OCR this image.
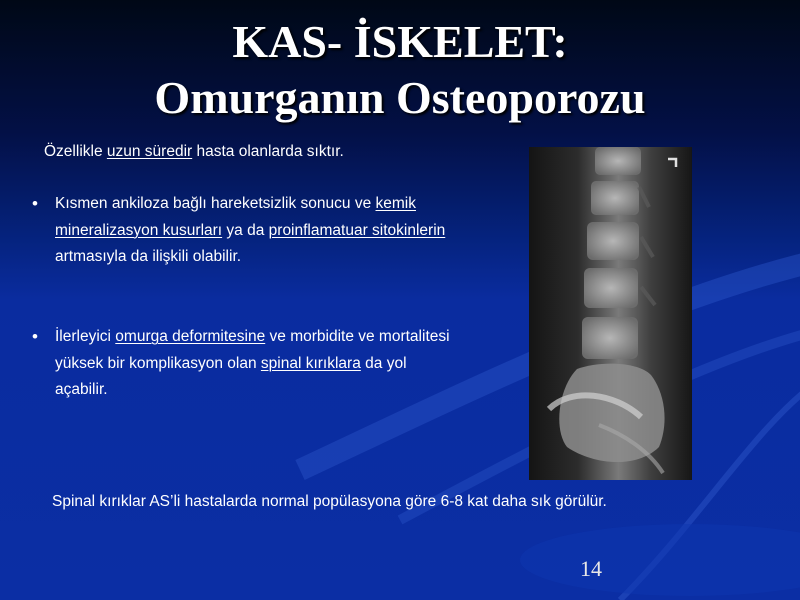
KAS- İSKELET:
Omurganın Osteoporozu
Özellikle uzun süredir hasta olanlarda sıktır.
• Kısmen ankiloza bağlı hareketsizlik sonucu ve kemik mineralizasyon kusurları ya da proinflamatuar sitokinlerin artmasıyla da ilişkili olabilir.
• İlerleyici omurga deformitesine ve morbidite ve mortalitesi yüksek bir komplikasyon olan spinal kırıklara da yol açabilir.
Spinal kırıklar AS’li hastalarda normal popülasyona göre 6-8 kat daha sık görülür.
14
